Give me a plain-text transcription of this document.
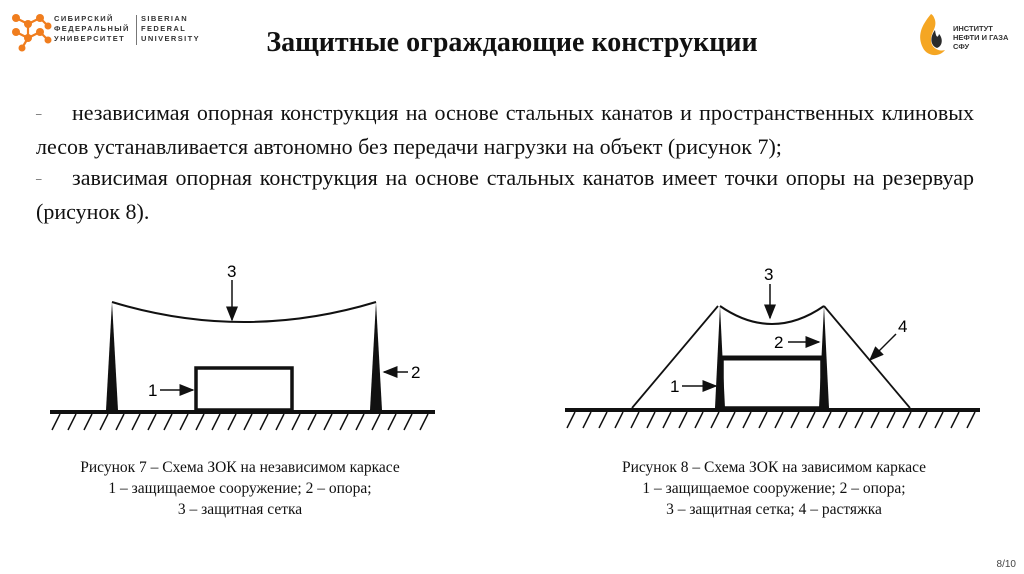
СИБИРСКИЙ
ФЕДЕРАЛЬНЫЙ
УНИВЕРСИТЕТ
SIBERIAN
FEDERAL
UNIVERSITY
ИНСТИТУТ
НЕФТИ И ГАЗА
СФУ
Защитные ограждающие конструкции
– независимая опорная конструкция на основе стальных канатов и пространственных клиновых лесов устанавливается автономно без передачи нагрузки на объект (рисунок 7);
– зависимая опорная конструкция на основе стальных канатов имеет точки опоры на резервуар (рисунок 8).
3
1
2
3
2
1
4
Рисунок 7 – Схема ЗОК на независимом каркасе
1 – защищаемое сооружение; 2 – опора;
3 – защитная сетка
Рисунок 8 – Схема ЗОК на зависимом каркасе
1 – защищаемое сооружение; 2 – опора;
3 – защитная сетка; 4 – растяжка
8/10
